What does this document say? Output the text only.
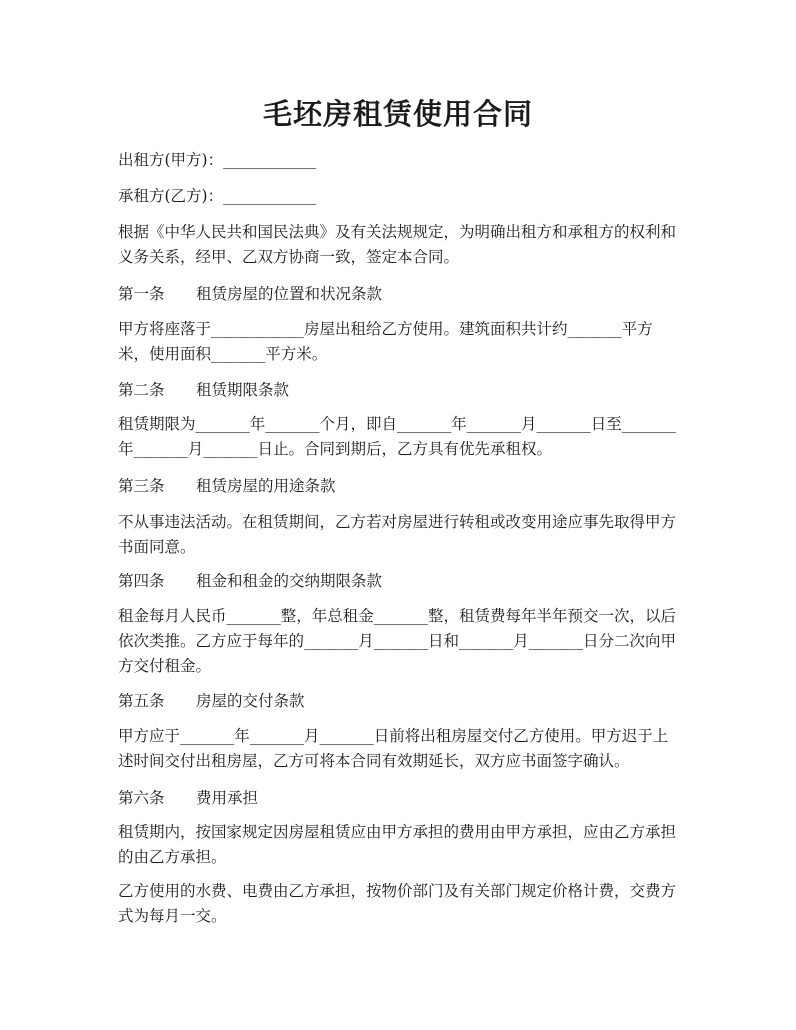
毛坯房租赁使用合同

出租方(甲方)：____________

承租方(乙方)：____________

根据《中华人民共和国民法典》及有关法规规定，为明确出租方和承租方的权利和
义务关系，经甲、乙双方协商一致，签定本合同。

第一条 租赁房屋的位置和状况条款

甲方将座落于____________房屋出租给乙方使用。建筑面积共计约_______平方
米，使用面积_______平方米。

第二条 租赁期限条款

租赁期限为_______年_______个月，即自_______年_______月_______日至_______
年_______月_______日止。合同到期后，乙方具有优先承租权。

第三条 租赁房屋的用途条款

不从事违法活动。在租赁期间，乙方若对房屋进行转租或改变用途应事先取得甲方
书面同意。

第四条 租金和租金的交纳期限条款

租金每月人民币_______整，年总租金_______整，租赁费每年半年预交一次，以后
依次类推。乙方应于每年的_______月_______日和_______月_______日分二次向甲
方交付租金。

第五条 房屋的交付条款

甲方应于_______年_______月_______日前将出租房屋交付乙方使用。甲方迟于上
述时间交付出租房屋，乙方可将本合同有效期延长，双方应书面签字确认。

第六条 费用承担

租赁期内，按国家规定因房屋租赁应由甲方承担的费用由甲方承担，应由乙方承担
的由乙方承担。

乙方使用的水费、电费由乙方承担，按物价部门及有关部门规定价格计费，交费方
式为每月一交。
